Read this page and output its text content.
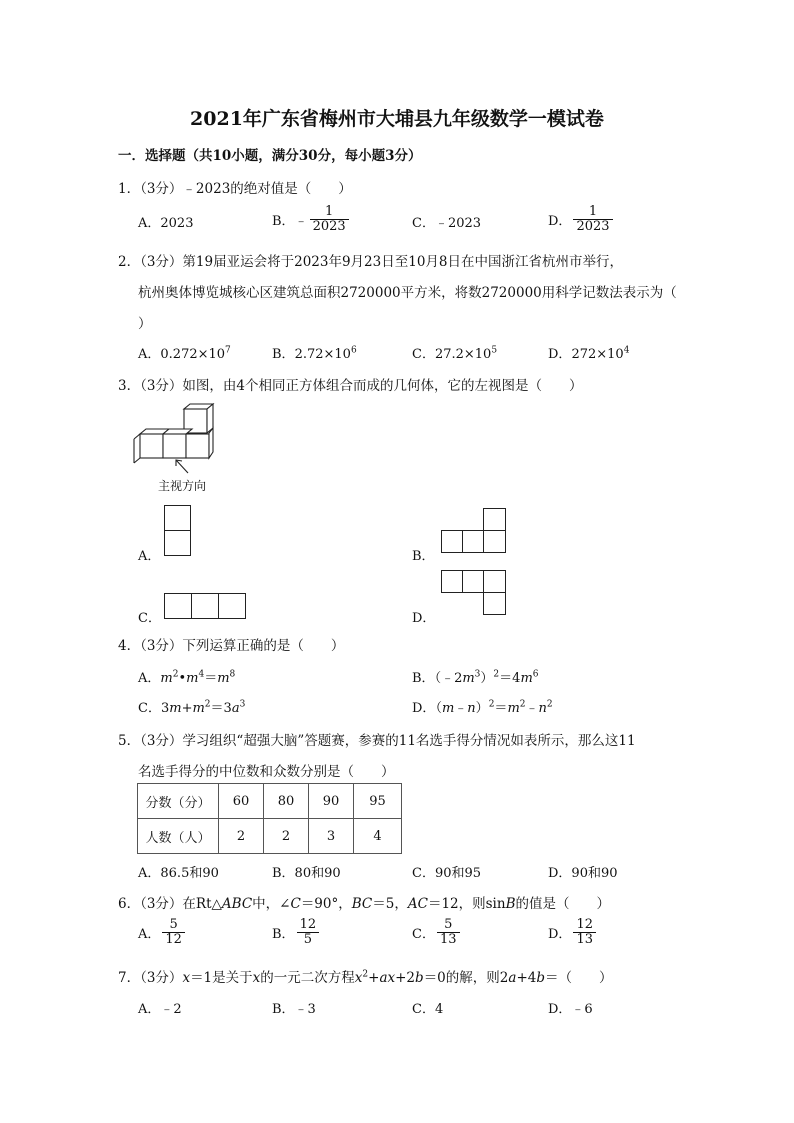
2021年广东省梅州市大埔县九年级数学一模试卷
一．选择题（共10小题，满分30分，每小题3分）
1．（3分）﹣2023的绝对值是（　　）
A．2023	B． ﹣ $\frac{1}{2023}$	C．﹣2023	D． $\frac{1}{2023}$
2．（3分）第19届亚运会将于2023年9月23日至10月8日在中国浙江省杭州市举行，
杭州奥体博览城核心区建筑总面积2720000平方米，将数2720000用科学记数法表示为（
）
A．$0.272\times 10^7$	B．$2.72\times 10^6$	C．$27.2\times 10^5$	D．$272\times 10^4$
3．（3分）如图，由4个相同正方体组合而成的几何体，它的左视图是（　　）
主视方向
A．	B．
C．	D．
4．（3分）下列运算正确的是（　　）
A．$m^2•m^4=m^8$	B．$(﹣2m^3)^2=4m^6$
C．$3m+m^2=3a^3$	D．$(m﹣n)^2=m^2﹣n^2$
5．（3分）学习组织“超强大脑”答题赛，参赛的11名选手得分情况如表所示，那么这11
名选手得分的中位数和众数分别是（　　）
分数（分）	60	80	90	95
人数（人）	2	2	3	4
A．86.5和90	B．80和90	C．90和95	D．90和90
6．（3分）在Rt△ABC中，∠C＝90°，BC＝5，AC＝12，则sinB的值是（　　）
A． $\frac{5}{12}$	B． $\frac{12}{5}$	C． $\frac{5}{13}$	D． $\frac{12}{13}$
7．（3分）x＝1是关于x的一元二次方程$x^2+ax+2b=0$的解，则2a+4b＝（　　）
A．﹣2	B．﹣3	C．4	D．﹣6
